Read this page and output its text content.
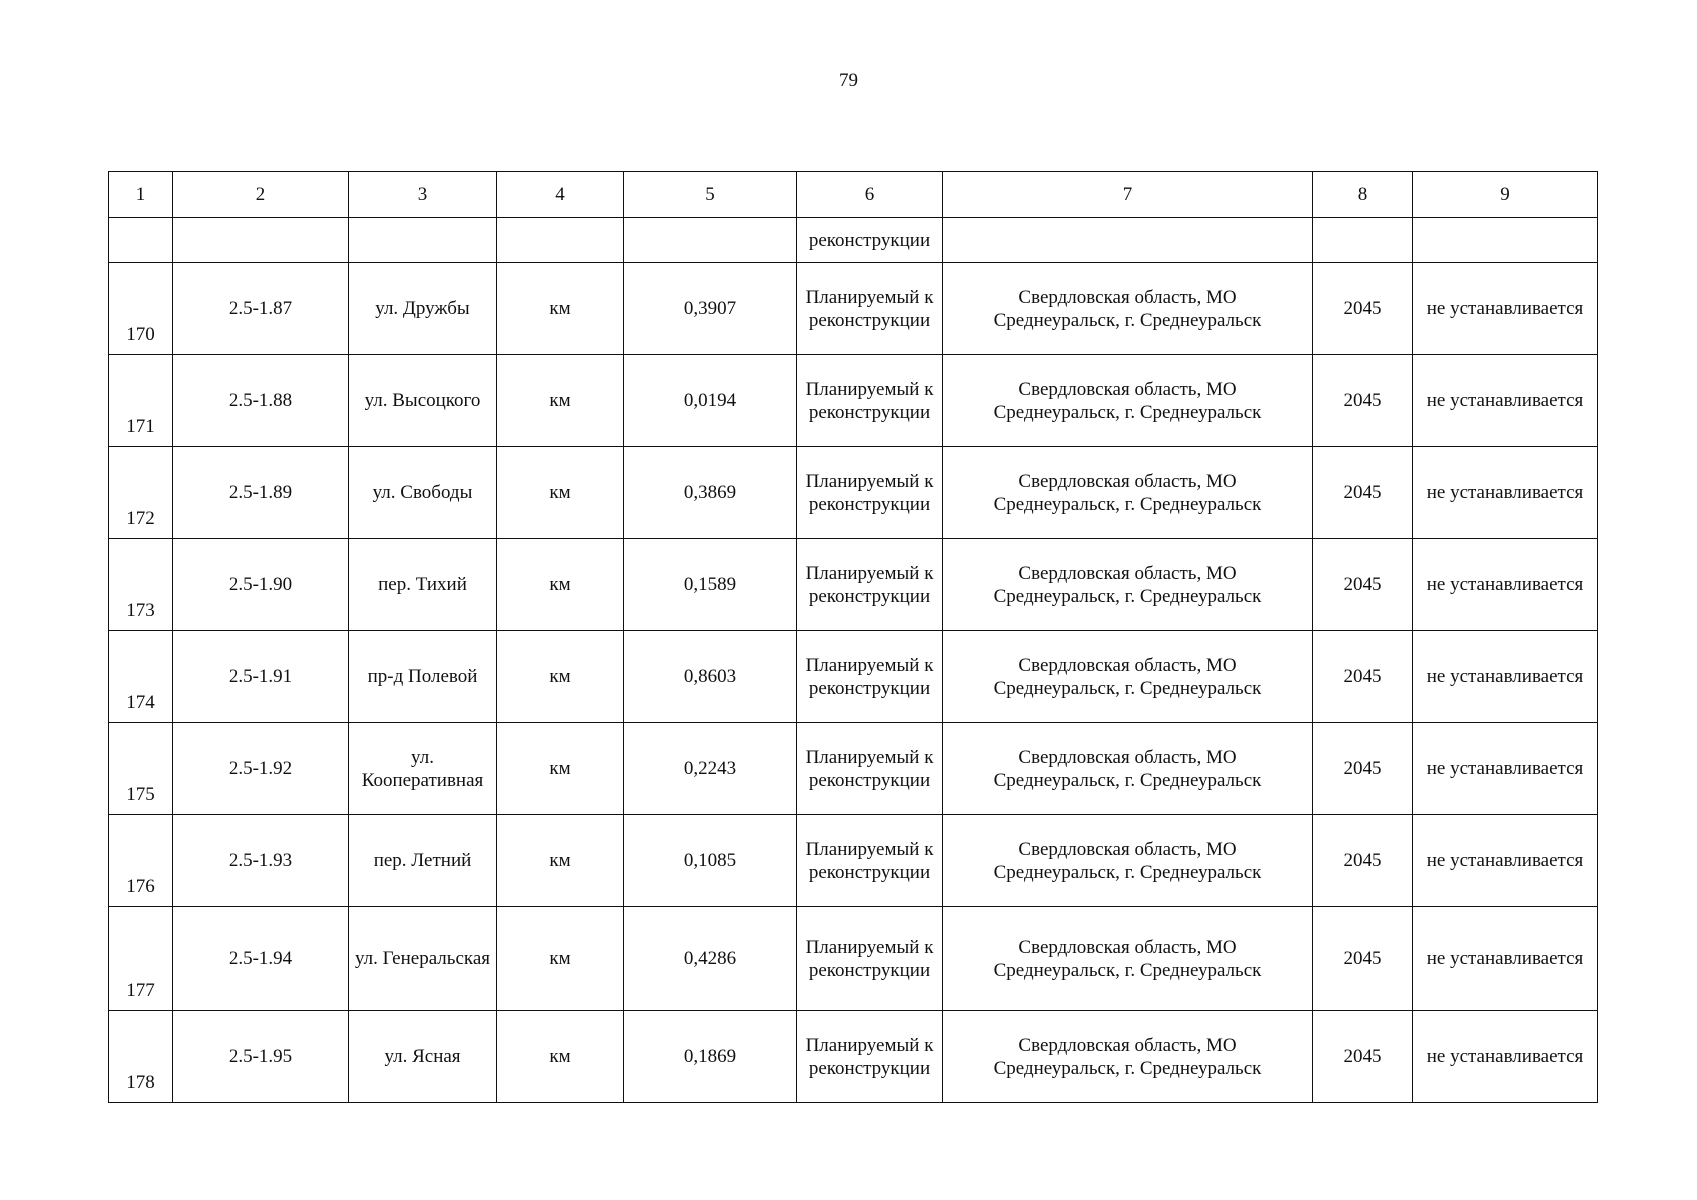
79
1	2	3	4	5	6	7	8	9
					реконструкции			

170	2.5-1.87	ул. Дружбы	км	0,3907	Планируемый к реконструкции	Свердловская область, МО Среднеуральск, г. Среднеуральск	2045	не устанавливается

171	2.5-1.88	ул. Высоцкого	км	0,0194	Планируемый к реконструкции	Свердловская область, МО Среднеуральск, г. Среднеуральск	2045	не устанавливается

172	2.5-1.89	ул. Свободы	км	0,3869	Планируемый к реконструкции	Свердловская область, МО Среднеуральск, г. Среднеуральск	2045	не устанавливается

173	2.5-1.90	пер. Тихий	км	0,1589	Планируемый к реконструкции	Свердловская область, МО Среднеуральск, г. Среднеуральск	2045	не устанавливается

174	2.5-1.91	пр-д Полевой	км	0,8603	Планируемый к реконструкции	Свердловская область, МО Среднеуральск, г. Среднеуральск	2045	не устанавливается

175	2.5-1.92	ул. Кооперативная	км	0,2243	Планируемый к реконструкции	Свердловская область, МО Среднеуральск, г. Среднеуральск	2045	не устанавливается

176	2.5-1.93	пер. Летний	км	0,1085	Планируемый к реконструкции	Свердловская область, МО Среднеуральск, г. Среднеуральск	2045	не устанавливается

177	2.5-1.94	ул. Генеральская	км	0,4286	Планируемый к реконструкции	Свердловская область, МО Среднеуральск, г. Среднеуральск	2045	не устанавливается

178	2.5-1.95	ул. Ясная	км	0,1869	Планируемый к реконструкции	Свердловская область, МО Среднеуральск, г. Среднеуральск	2045	не устанавливается
